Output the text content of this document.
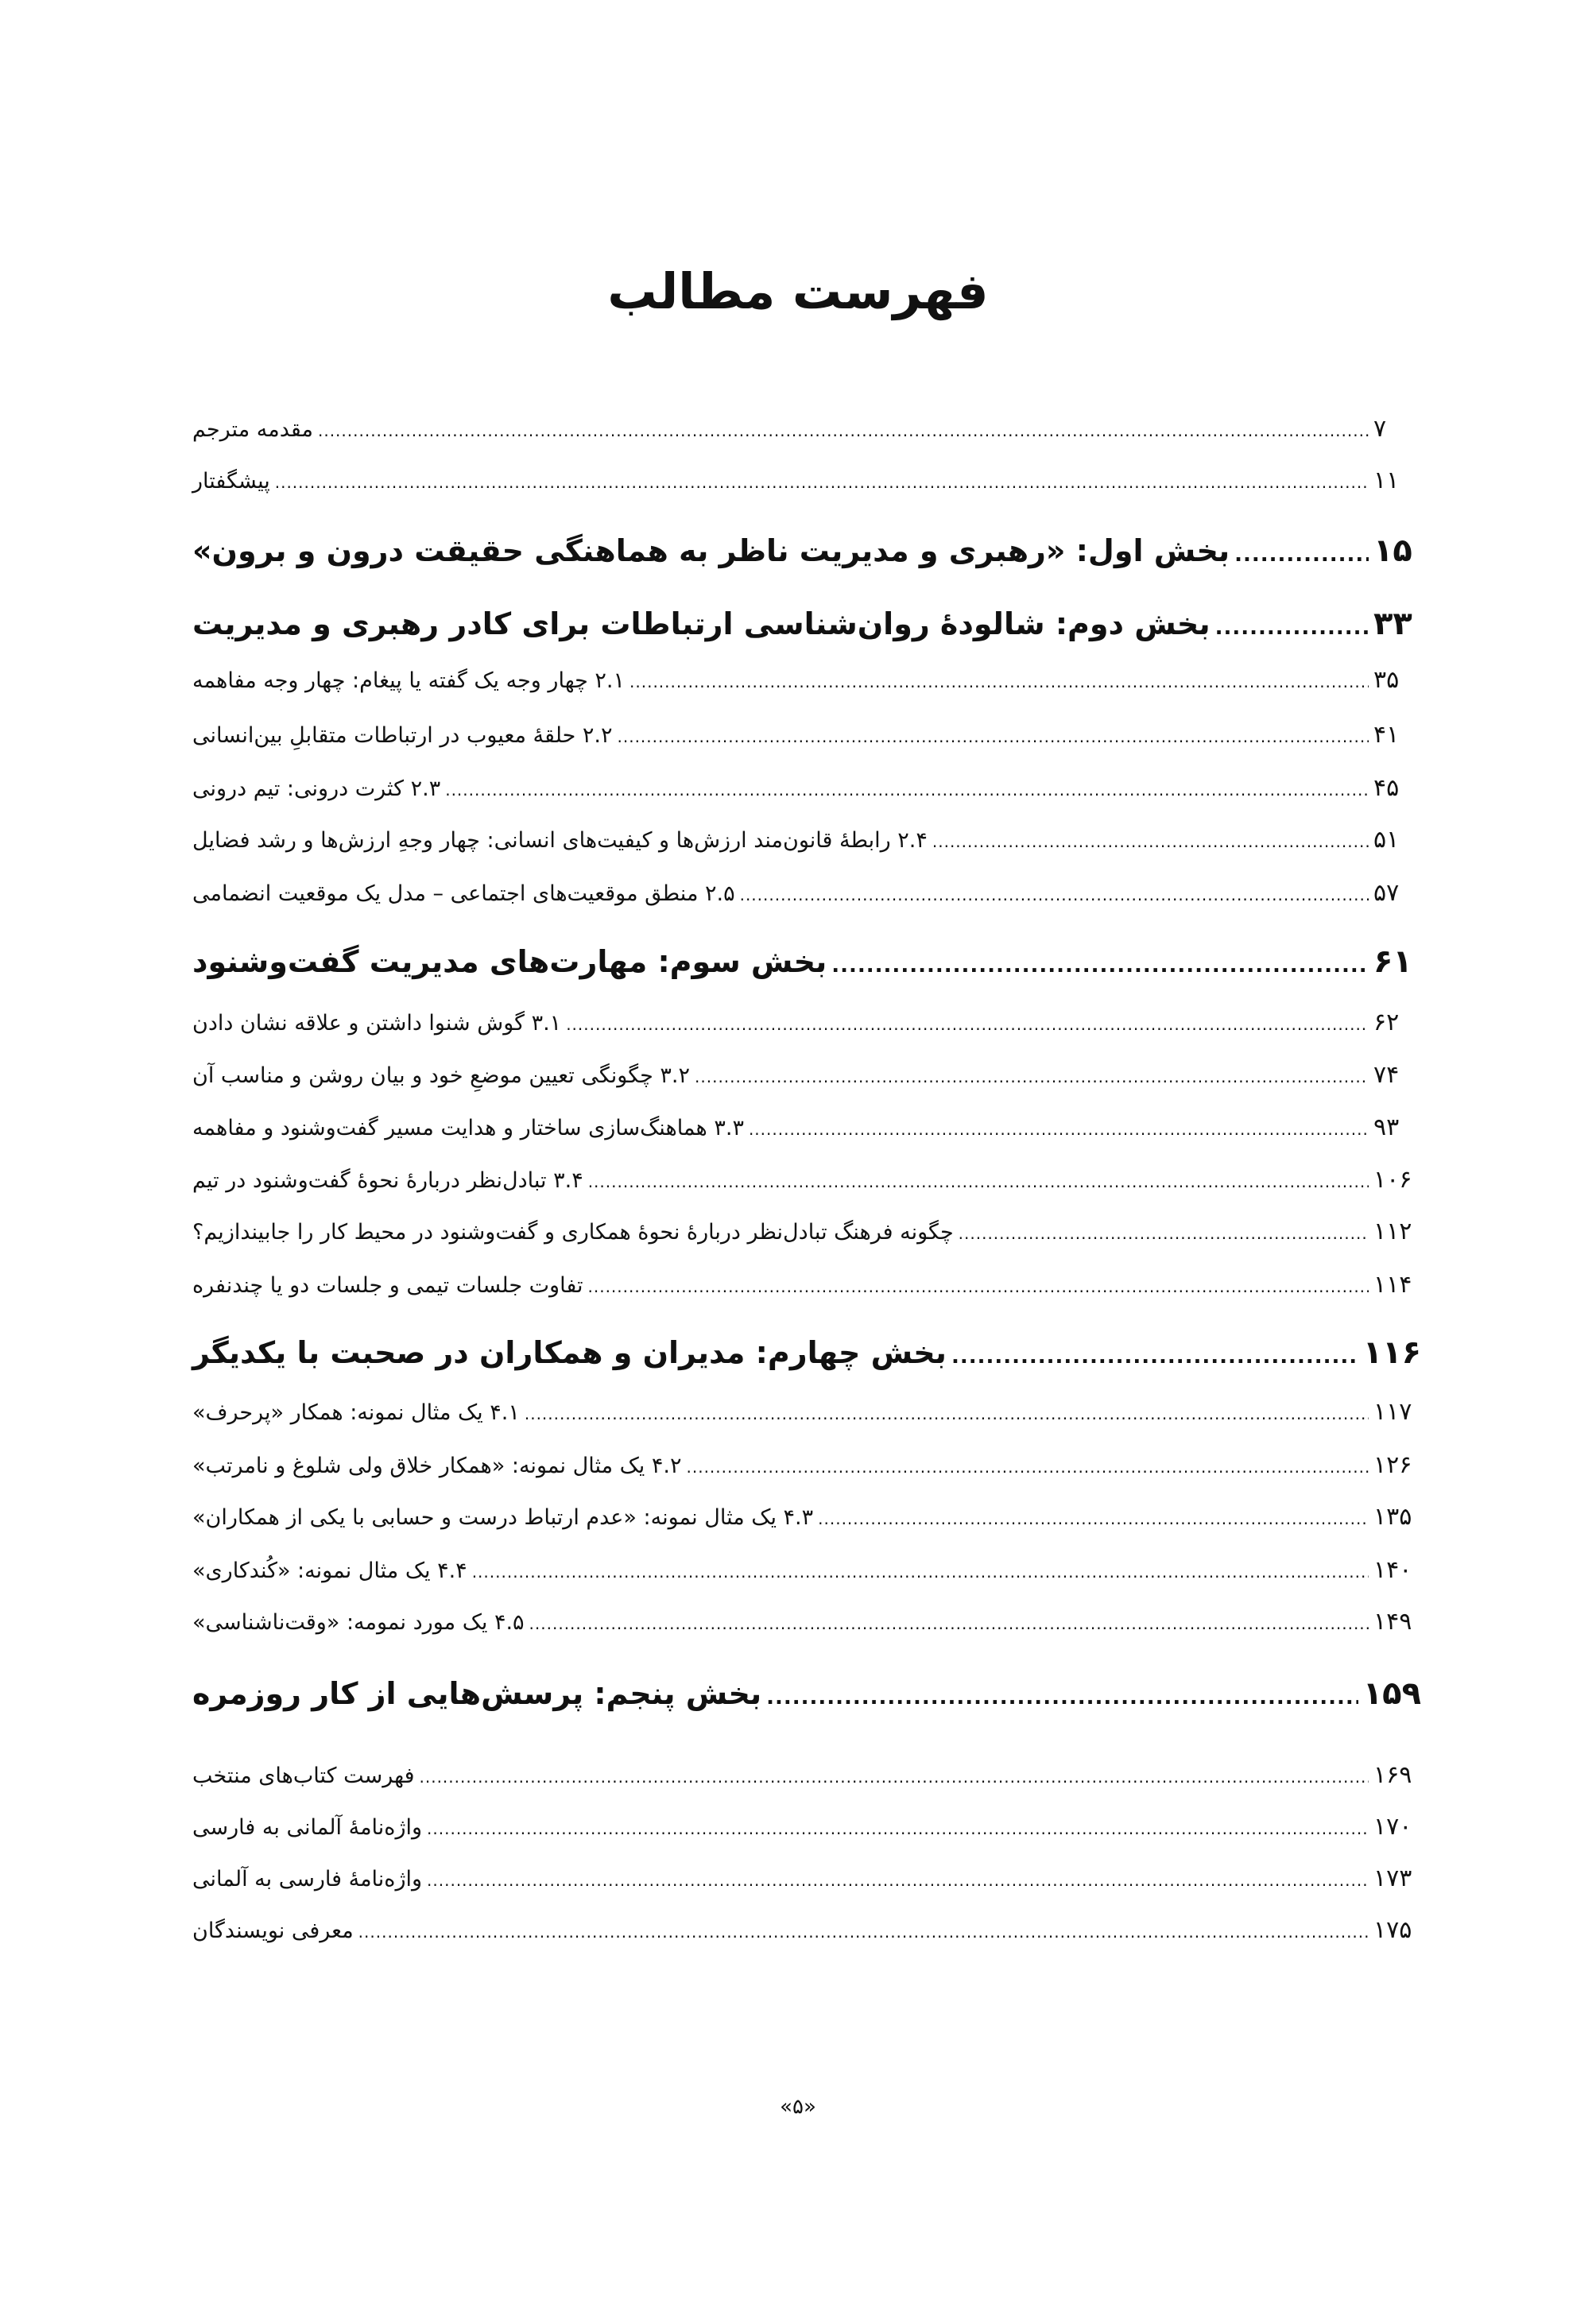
فهرست مطالب
مقدمه مترجم .....	۷
پیشگفتار .....	۱۱
بخش اول: «رهبری و مدیریت ناظر به هماهنگی حقیقت درون و برون» .....	۱۵
بخش دوم: شالودۀ روان‌شناسی ارتباطات برای کادر رهبری و مدیریت .....	۳۳
۲.۱ چهار وجه یک گفته یا پیغام: چهار وجه مفاهمه .....	۳۵
۲.۲ حلقۀ معیوب در ارتباطات متقابلِ بین‌انسانی .....	۴۱
۲.۳ کثرت درونی: تیم درونی .....	۴۵
۲.۴ رابطۀ قانون‌مند ارزش‌ها و کیفیت‌های انسانی: چهار وجهِ ارزش‌ها و رشد فضایل .....	۵۱
۲.۵ منطق موقعیت‌های اجتماعی – مدل یک موقعیت انضمامی .....	۵۷
بخش سوم: مهارت‌های مدیریت گفت‌وشنود .....	۶۱
۳.۱ گوش شنوا داشتن و علاقه نشان دادن .....	۶۲
۳.۲ چگونگی تعیین موضعِ خود و بیان روشن و مناسب آن .....	۷۴
۳.۳ هماهنگ‌سازی ساختار و هدایت مسیر گفت‌وشنود و مفاهمه .....	۹۳
۳.۴ تبادل‌نظر دربارۀ نحوۀ گفت‌وشنود در تیم .....	۱۰۶
چگونه فرهنگ تبادل‌نظر دربارۀ نحوۀ همکاری و گفت‌وشنود در محیط کار را جابیندازیم؟ .....	۱۱۲
تفاوت جلسات تیمی و جلسات دو یا چندنفره .....	۱۱۴
بخش چهارم: مدیران و همکاران در صحبت با یکدیگر .....	۱۱۶
۴.۱ یک مثال نمونه: همکار «پرحرف» .....	۱۱۷
۴.۲ یک مثال نمونه: «همکار خلاق ولی شلوغ و نامرتب» .....	۱۲۶
۴.۳ یک مثال نمونه: «عدم ارتباط درست و حسابی با یکی از همکاران» .....	۱۳۵
۴.۴ یک مثال نمونه: «کُندکاری» .....	۱۴۰
۴.۵ یک مورد نمومه: «وقت‌ناشناسی» .....	۱۴۹
بخش پنجم: پرسش‌هایی از کار روزمره .....	۱۵۹
فهرست کتاب‌های منتخب .....	۱۶۹
واژه‌نامۀ آلمانی به فارسی .....	۱۷۰
واژه‌نامۀ فارسی به آلمانی .....	۱۷۳
معرفی نویسندگان .....	۱۷۵
«۵»
